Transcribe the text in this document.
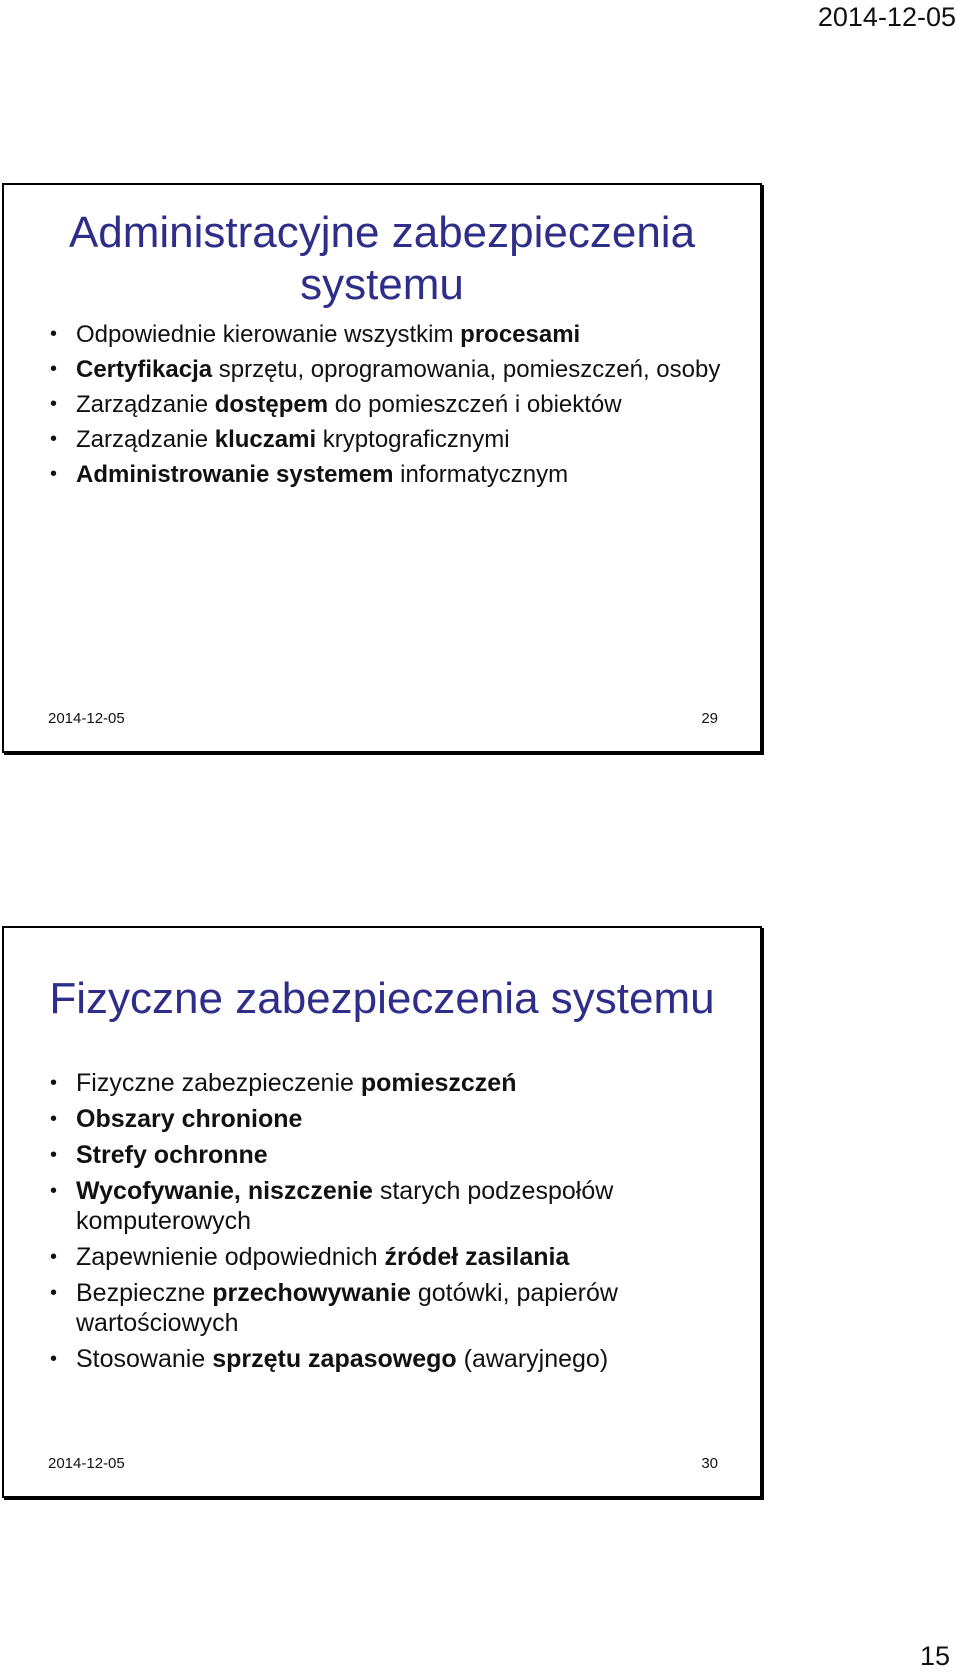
2014-12-05
Administracyjne zabezpieczenia systemu
• Odpowiednie kierowanie wszystkim procesami
• Certyfikacja sprzętu, oprogramowania, pomieszczeń, osoby
• Zarządzanie dostępem do pomieszczeń i obiektów
• Zarządzanie kluczami kryptograficznymi
• Administrowanie systemem informatycznym
2014-12-05	29
Fizyczne zabezpieczenia systemu
• Fizyczne zabezpieczenie pomieszczeń
• Obszary chronione
• Strefy ochronne
• Wycofywanie, niszczenie starych podzespołów komputerowych
• Zapewnienie odpowiednich źródeł zasilania
• Bezpieczne przechowywanie gotówki, papierów wartościowych
• Stosowanie sprzętu zapasowego (awaryjnego)
2014-12-05	30
15
